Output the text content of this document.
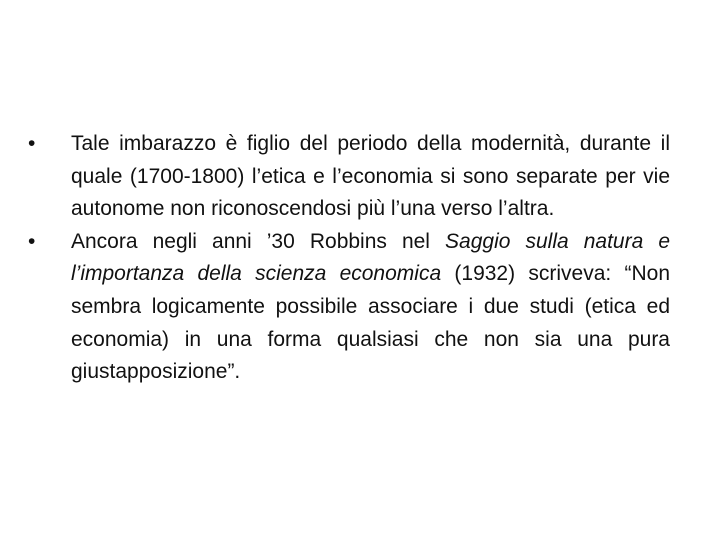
•	Tale imbarazzo è figlio del periodo della modernità, durante il quale (1700-1800) l’etica e l’economia si sono separate per vie autonome non riconoscendosi più l’una verso l’altra.
•	Ancora negli anni ’30 Robbins nel Saggio sulla natura e l’importanza della scienza economica (1932) scriveva: “Non sembra logicamente possibile associare i due studi (etica ed economia) in una forma qualsiasi che non sia una pura giustapposizione”.
